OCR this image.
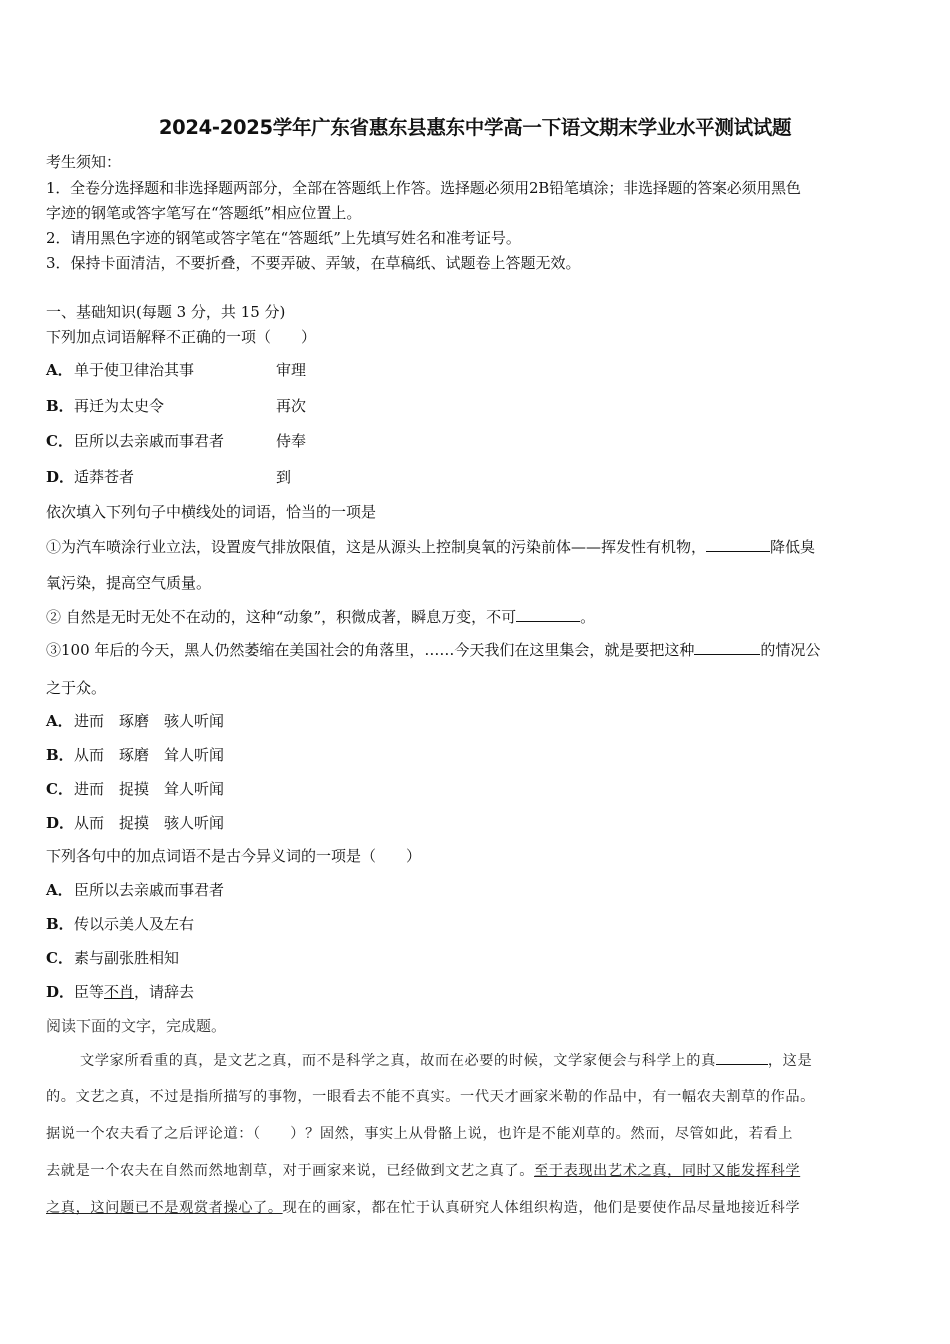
2024-2025学年广东省惠东县惠东中学高一下语文期末学业水平测试试题
考生须知：
1．全卷分选择题和非选择题两部分，全部在答题纸上作答。选择题必须用2B铅笔填涂；非选择题的答案必须用黑色
字迹的钢笔或答字笔写在“答题纸”相应位置上。
2．请用黑色字迹的钢笔或答字笔在“答题纸”上先填写姓名和准考证号。
3．保持卡面清洁，不要折叠，不要弄破、弄皱，在草稿纸、试题卷上答题无效。
一、基础知识(每题 3 分，共 15 分)
下列加点词语解释不正确的一项（　　）
A．单于使卫律治其事	审理
B．再迁为太史令	再次
C．臣所以去亲戚而事君者	侍奉
D．适莽苍者	到
依次填入下列句子中横线处的词语，恰当的一项是
①为汽车喷涂行业立法，设置废气排放限值，这是从源头上控制臭氧的污染前体——挥发性有机物，	降低臭
氧污染，提高空气质量。
② 自然是无时无处不在动的，这种“动象”，积微成著，瞬息万变，不可	。
③100 年后的今天，黑人仍然萎缩在美国社会的角落里，……今天我们在这里集会，就是要把这种	的情况公
之于众。
A．进而　琢磨　骇人听闻
B．从而　琢磨　耸人听闻
C．进而　捉摸　耸人听闻
D．从而　捉摸　骇人听闻
下列各句中的加点词语不是古今异义词的一项是（　　）
A．臣所以去亲戚而事君者
B．传以示美人及左右
C．素与副张胜相知
D．臣等不肖，请辞去
阅读下面的文字，完成题。
文学家所看重的真，是文艺之真，而不是科学之真，故而在必要的时候，文学家便会与科学上的真	，这是
的。文艺之真，不过是指所描写的事物，一眼看去不能不真实。一代天才画家米勒的作品中，有一幅农夫割草的作品。
据说一个农夫看了之后评论道：（　　）？固然，事实上从骨骼上说，也许是不能刈草的。然而，尽管如此，若看上
去就是一个农夫在自然而然地割草，对于画家来说，已经做到文艺之真了。至于表现出艺术之真，同时又能发挥科学
之真，这问题已不是观赏者操心了。现在的画家，都在忙于认真研究人体组织构造，他们是要使作品尽量地接近科学
